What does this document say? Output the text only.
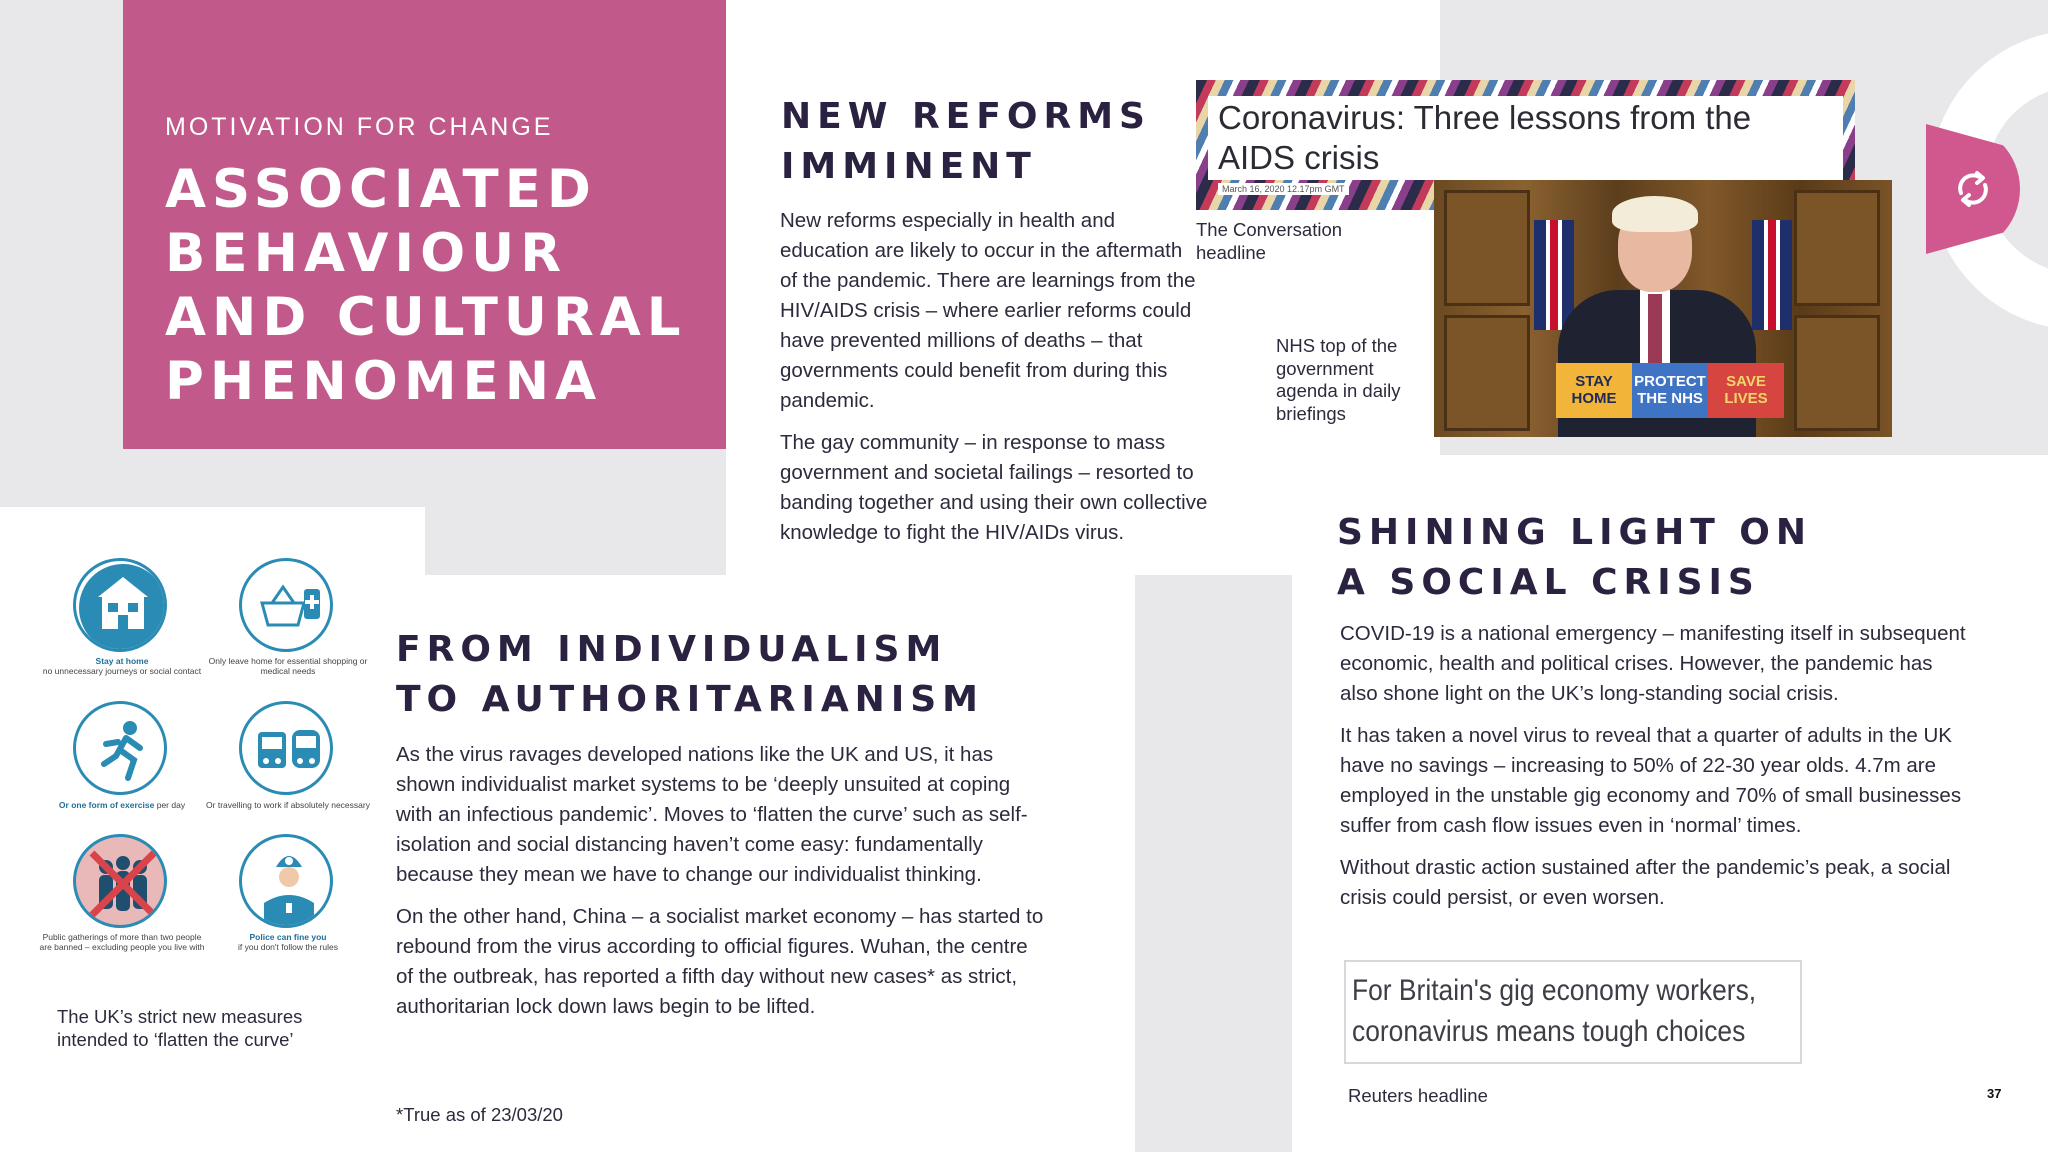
MOTIVATION FOR CHANGE
ASSOCIATED
BEHAVIOUR
AND CULTURAL
PHENOMENA
NEW REFORMS
IMMINENT

New reforms especially in health and education are likely to occur in the aftermath of the pandemic. There are learnings from the HIV/AIDS crisis – where earlier reforms could have prevented millions of deaths – that governments could benefit from during this pandemic.

The gay community – in response to mass government and societal failings – resorted to banding together and using their own collective knowledge to fight the HIV/AIDs virus.

Coronavirus: Three lessons from the
AIDS crisis
March 16, 2020 12.17pm GMT
The Conversation
headline
STAY
HOME
PROTECT
THE NHS
SAVE
LIVES
NHS top of the
government
agenda in daily
briefings
Stay at home
no unnecessary journeys or social contact
Only leave home for essential shopping or medical needs
Or one form of exercise per day	Or travelling to work if absolutely necessary
Public gatherings of more than two people are banned – excluding people you live with
Police can fine you
if you don't follow the rules
The UK’s strict new measures
intended to ‘flatten the curve’
FROM INDIVIDUALISM
TO AUTHORITARIANISM

As the virus ravages developed nations like the UK and US, it has shown individualist market systems to be ‘deeply unsuited at coping with an infectious pandemic’. Moves to ‘flatten the curve’ such as self-isolation and social distancing haven’t come easy: fundamentally because they mean we have to change our individualist thinking.

On the other hand, China – a socialist market economy – has started to rebound from the virus according to official figures. Wuhan, the centre of the outbreak, has reported a fifth day without new cases* as strict, authoritarian lock down laws begin to be lifted.

*True as of 23/03/20
SHINING LIGHT ON
A SOCIAL CRISIS

COVID-19 is a national emergency – manifesting itself in subsequent economic, health and political crises. However, the pandemic has also shone light on the UK’s long-standing social crisis.

It has taken a novel virus to reveal that a quarter of adults in the UK have no savings – increasing to 50% of 22-30 year olds. 4.7m are employed in the unstable gig economy and 70% of small businesses suffer from cash flow issues even in ‘normal’ times.

Without drastic action sustained after the pandemic’s peak, a social crisis could persist, or even worsen.

For Britain's gig economy workers,
coronavirus means tough choices
Reuters headline	37
